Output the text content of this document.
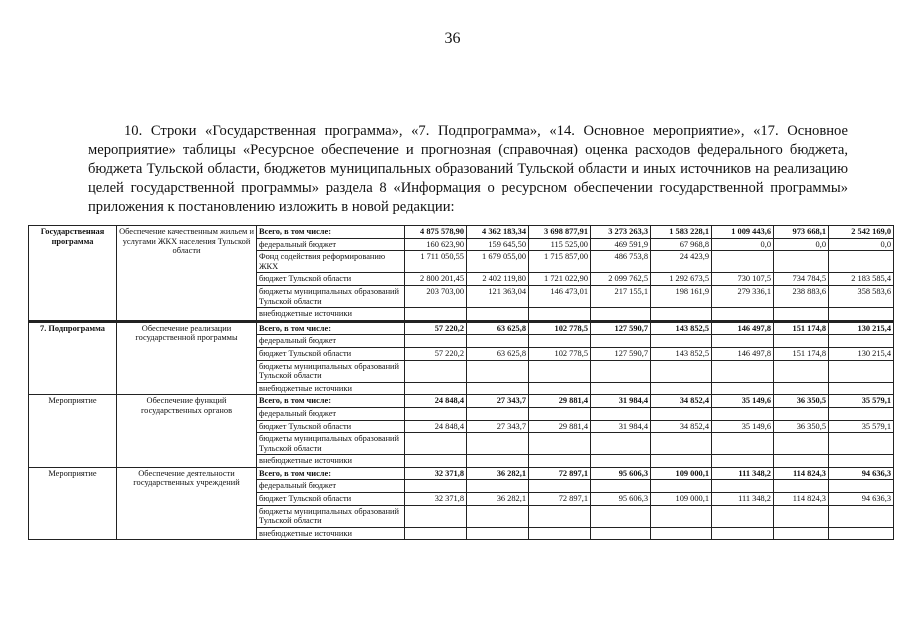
36

10. Строки «Государственная программа», «7. Подпрограмма», «14. Основное мероприятие», «17. Основное мероприятие» таблицы «Ресурсное обеспечение и прогнозная (справочная) оценка расходов федерального бюджета, бюджета Тульской области, бюджетов муниципальных образований Тульской области и иных источников на реализацию целей государственной программы» раздела 8 «Информация о ресурсном обеспечении государственной программы» приложения к постановлению изложить в новой редакции:

Государственная программа	Обеспечение качественным жильем и услугами ЖКХ населения Тульской области	Всего, в том числе:	4 875 578,90	4 362 183,34	3 698 877,91	3 273 263,3	1 583 228,1	1 009 443,6	973 668,1	2 542 169,0
		федеральный бюджет	160 623,90	159 645,50	115 525,00	469 591,9	67 968,8	0,0	0,0	0,0
		Фонд содействия реформированию ЖКХ	1 711 050,55	1 679 055,00	1 715 857,00	486 753,8	24 423,9			
		бюджет Тульской области	2 800 201,45	2 402 119,80	1 721 022,90	2 099 762,5	1 292 673,5	730 107,5	734 784,5	2 183 585,4
		бюджеты муниципальных образований Тульской области	203 703,00	121 363,04	146 473,01	217 155,1	198 161,9	279 336,1	238 883,6	358 583,6
		внебюджетные источники								
7. Подпрограмма	Обеспечение реализации государственной программы	Всего, в том числе:	57 220,2	63 625,8	102 778,5	127 590,7	143 852,5	146 497,8	151 174,8	130 215,4
		федеральный бюджет								
		бюджет Тульской области	57 220,2	63 625,8	102 778,5	127 590,7	143 852,5	146 497,8	151 174,8	130 215,4
		бюджеты муниципальных образований Тульской области								
		внебюджетные источники								
Мероприятие	Обеспечение функций государственных органов	Всего, в том числе:	24 848,4	27 343,7	29 881,4	31 984,4	34 852,4	35 149,6	36 350,5	35 579,1
		федеральный бюджет								
		бюджет Тульской области	24 848,4	27 343,7	29 881,4	31 984,4	34 852,4	35 149,6	36 350,5	35 579,1
		бюджеты муниципальных образований Тульской области								
		внебюджетные источники								
Мероприятие	Обеспечение деятельности государственных учреждений	Всего, в том числе:	32 371,8	36 282,1	72 897,1	95 606,3	109 000,1	111 348,2	114 824,3	94 636,3
		федеральный бюджет								
		бюджет Тульской области	32 371,8	36 282,1	72 897,1	95 606,3	109 000,1	111 348,2	114 824,3	94 636,3
		бюджеты муниципальных образований Тульской области								
		внебюджетные источники								
